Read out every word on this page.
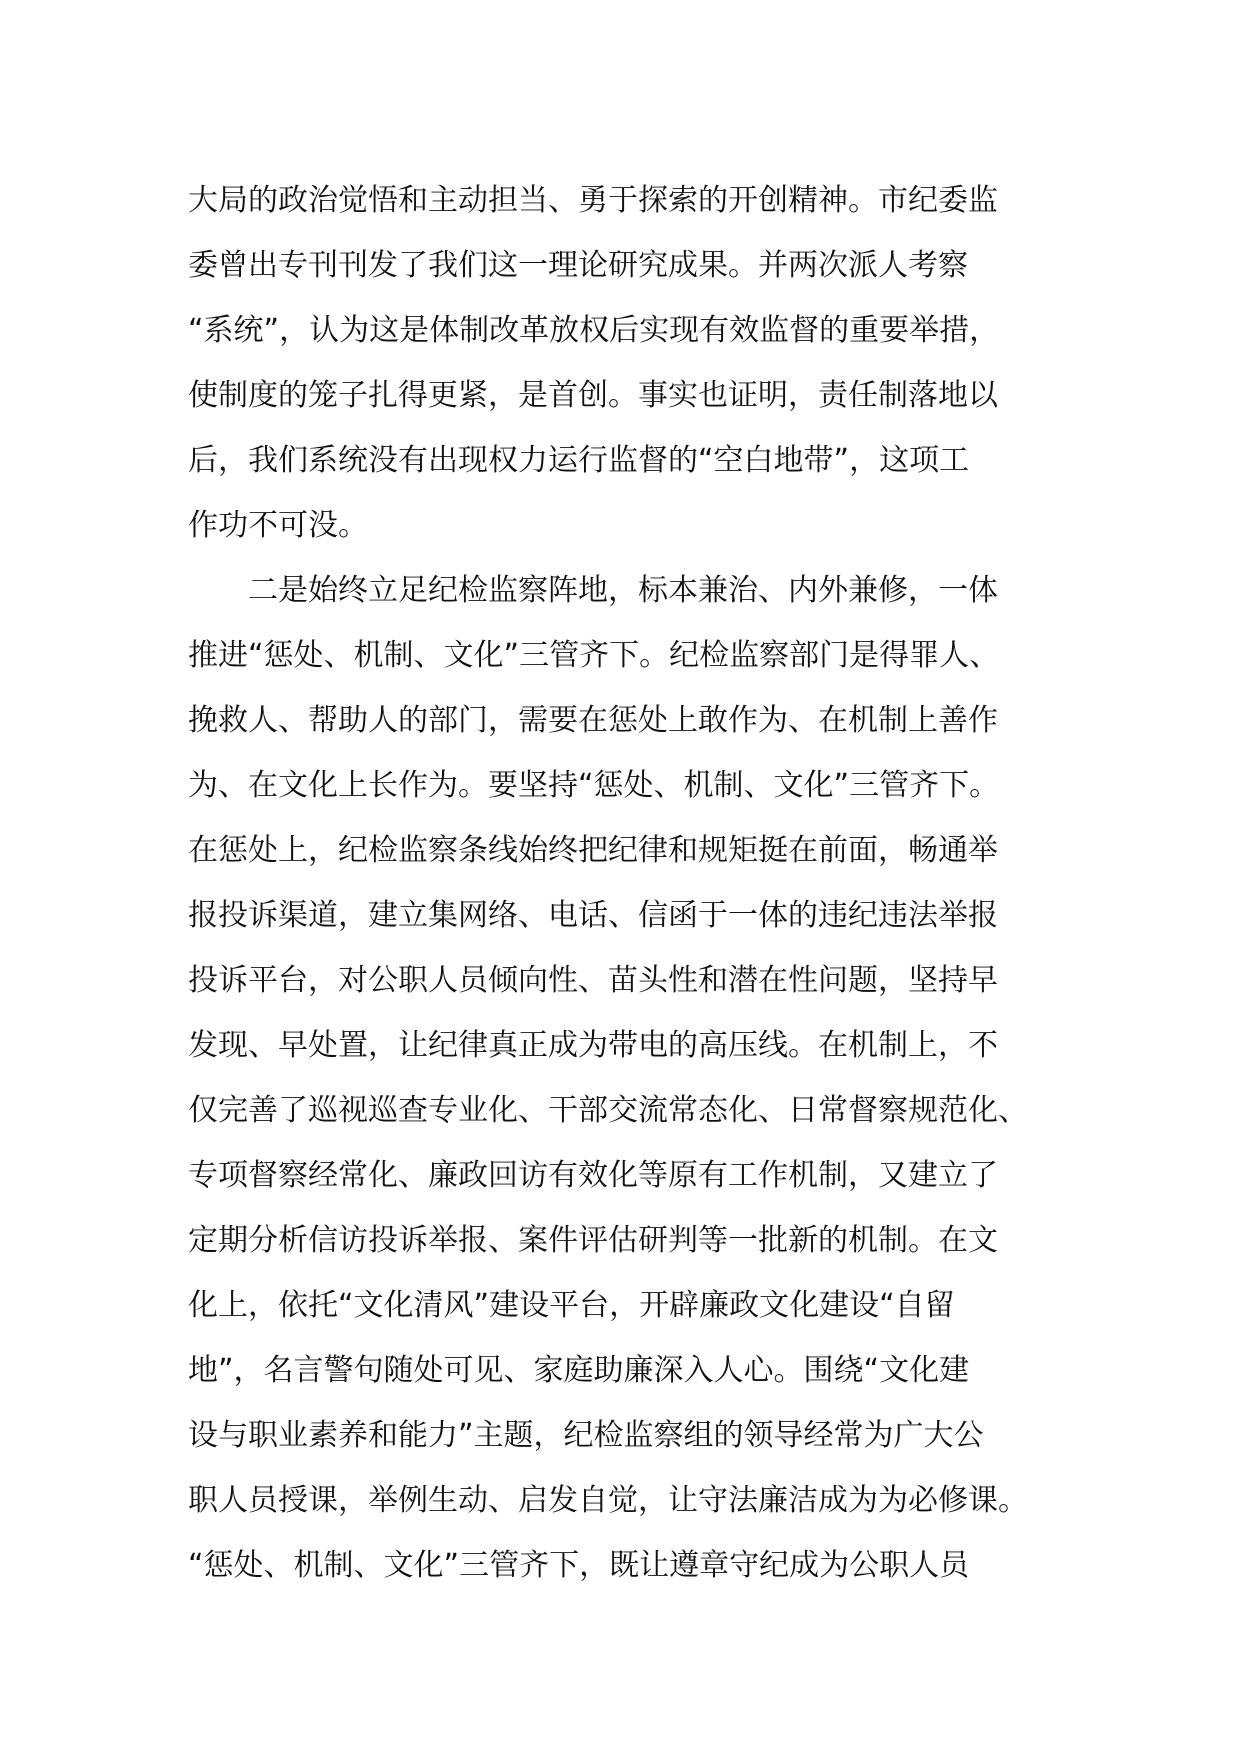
大局的政治觉悟和主动担当、勇于探索的开创精神。市纪委监
委曾出专刊刊发了我们这一理论研究成果。并两次派人考察
“系统”，认为这是体制改革放权后实现有效监督的重要举措，
使制度的笼子扎得更紧，是首创。事实也证明，责任制落地以
后，我们系统没有出现权力运行监督的“空白地带”，这项工
作功不可没。
　　二是始终立足纪检监察阵地，标本兼治、内外兼修，一体
推进“惩处、机制、文化”三管齐下。纪检监察部门是得罪人、
挽救人、帮助人的部门，需要在惩处上敢作为、在机制上善作
为、在文化上长作为。要坚持“惩处、机制、文化”三管齐下。
在惩处上，纪检监察条线始终把纪律和规矩挺在前面，畅通举
报投诉渠道，建立集网络、电话、信函于一体的违纪违法举报
投诉平台，对公职人员倾向性、苗头性和潜在性问题，坚持早
发现、早处置，让纪律真正成为带电的高压线。在机制上，不
仅完善了巡视巡查专业化、干部交流常态化、日常督察规范化、
专项督察经常化、廉政回访有效化等原有工作机制，又建立了
定期分析信访投诉举报、案件评估研判等一批新的机制。在文
化上，依托“文化清风”建设平台，开辟廉政文化建设“自留
地”，名言警句随处可见、家庭助廉深入人心。围绕“文化建
设与职业素养和能力”主题，纪检监察组的领导经常为广大公
职人员授课，举例生动、启发自觉，让守法廉洁成为为必修课。
“惩处、机制、文化”三管齐下，既让遵章守纪成为公职人员
